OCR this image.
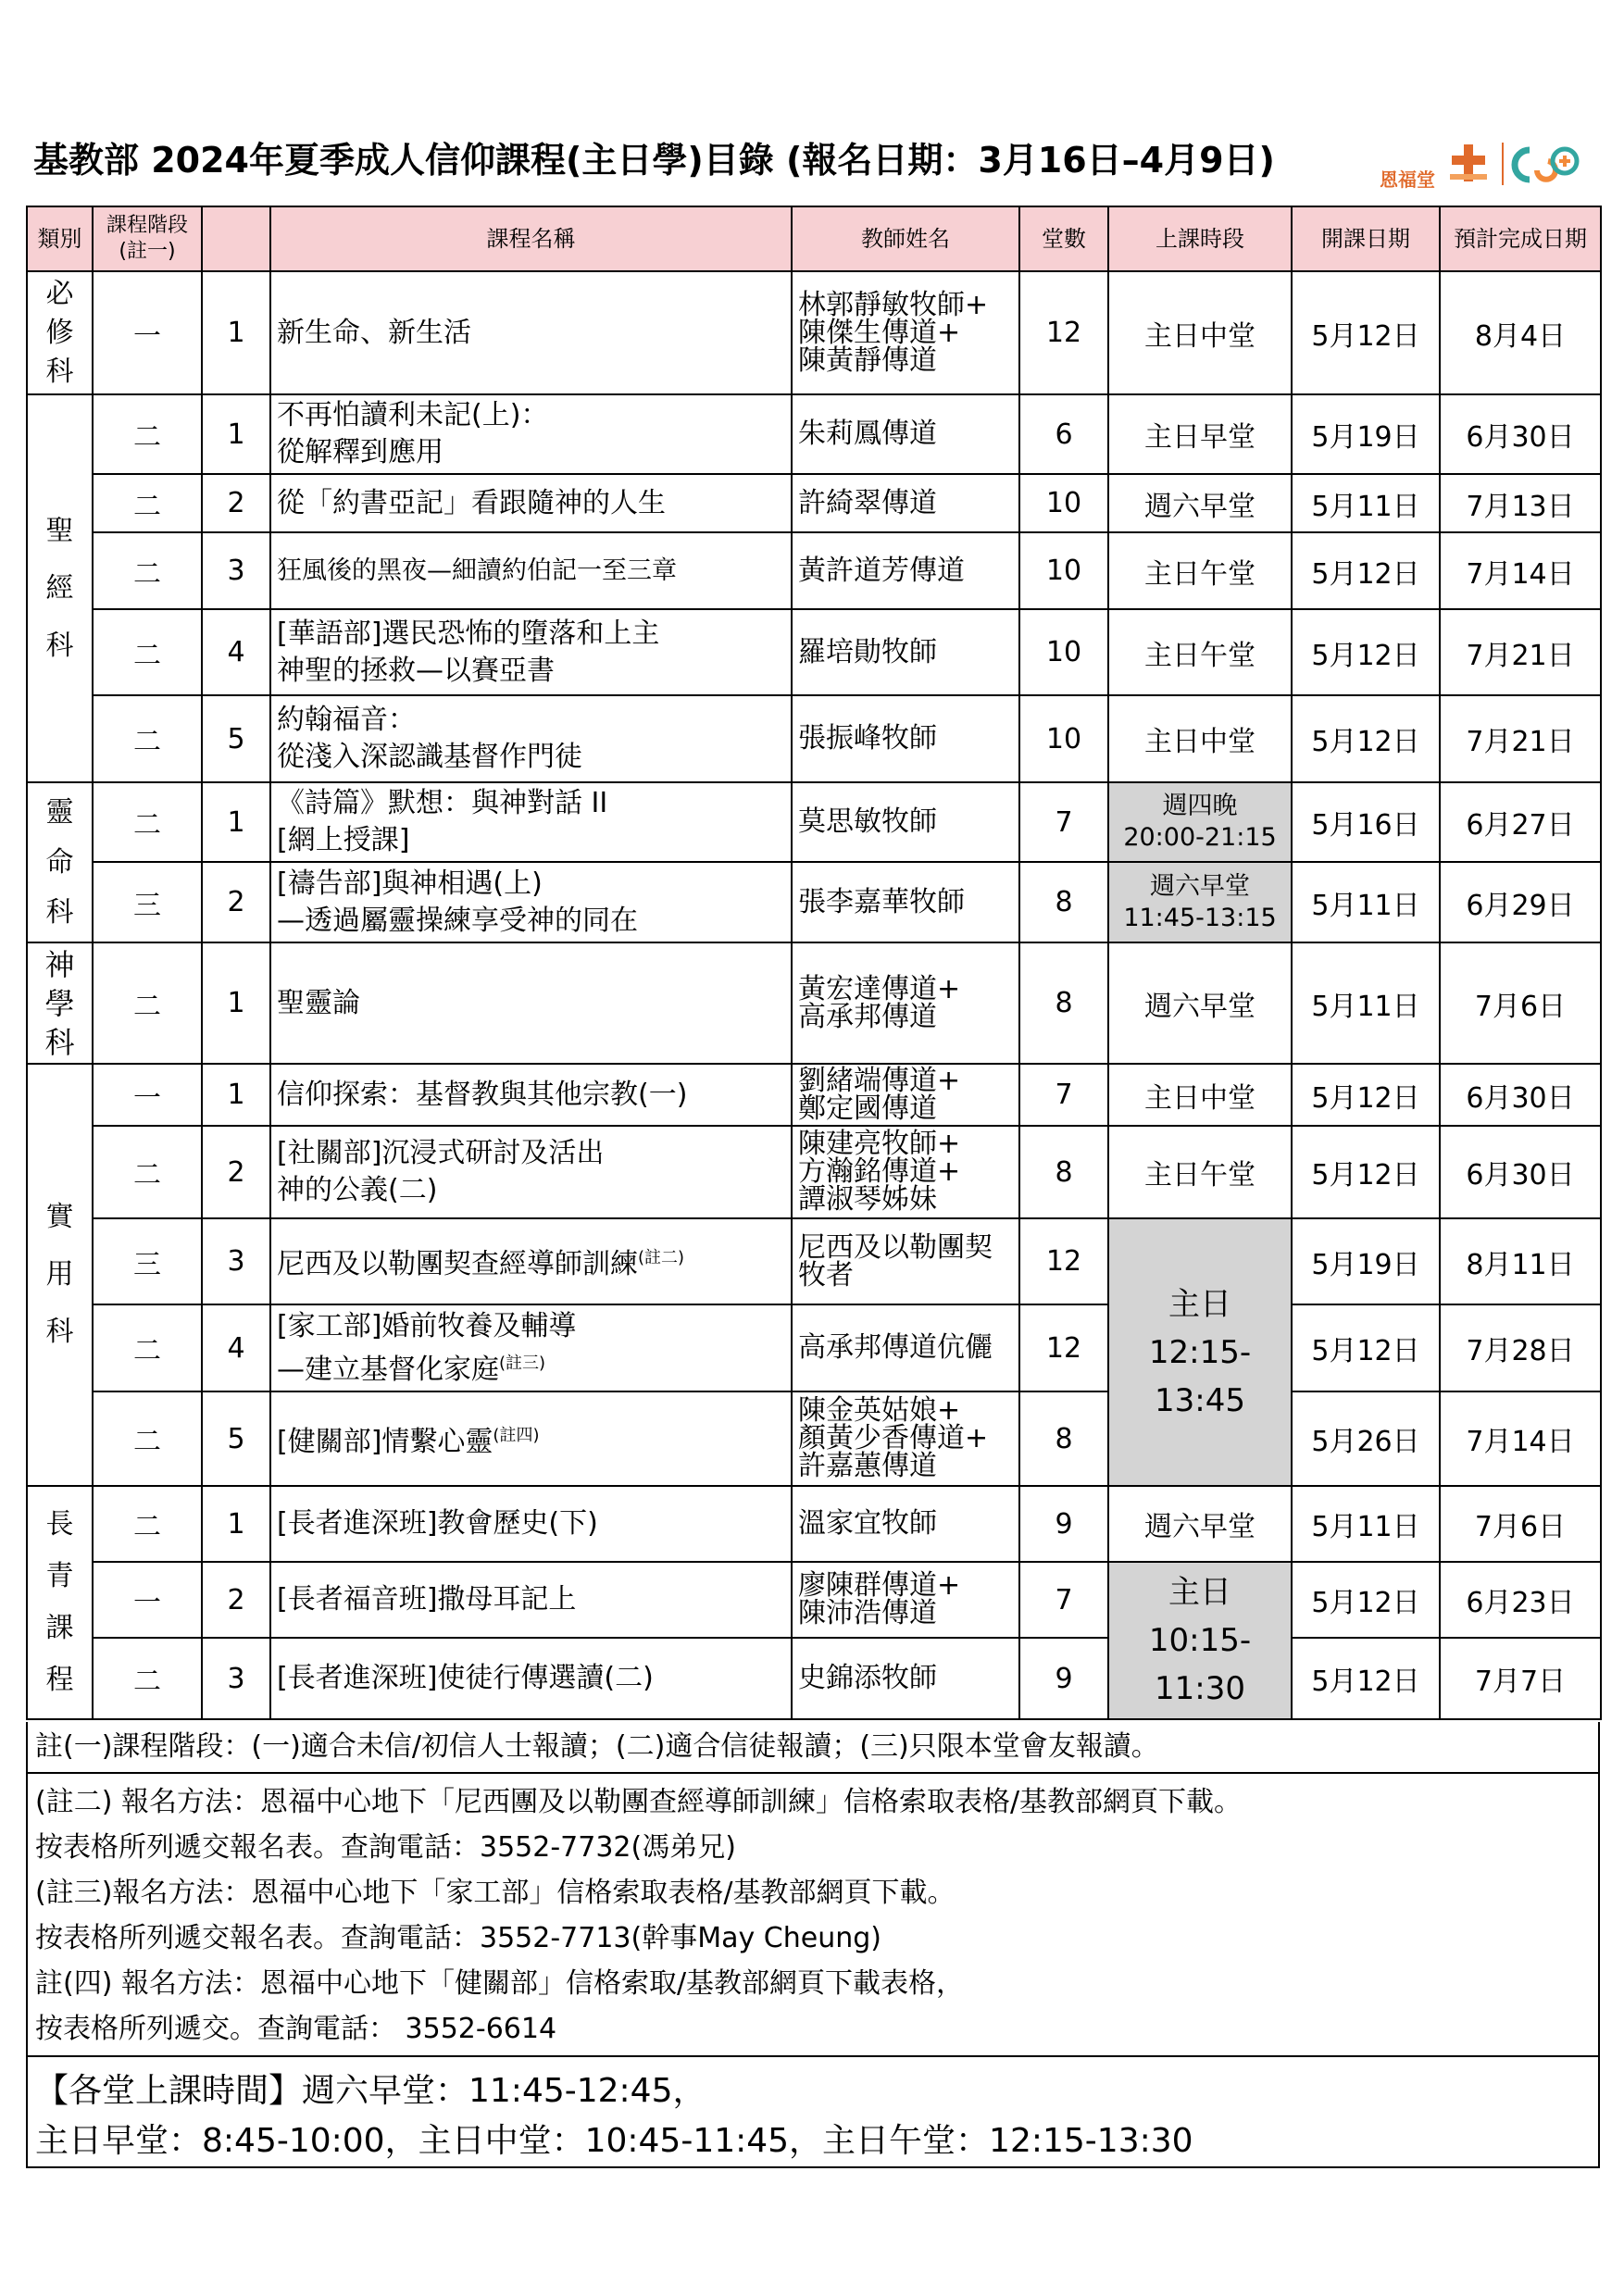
基教部 2024年夏季成人信仰課程(主日學)目錄 (報名日期：3月16日–4月9日)	恩福堂
類別	課程階段
(註一)		課程名稱	教師姓名	堂數	上課時段	開課日期	預計完成日期

必
修
科	一	1	新生命、新生活	林郭靜敏牧師+
陳傑生傳道+
陳黃靜傳道	12	主日中堂	5月12日	8月4日

聖
經
科	二	1	不再怕讀利未記(上)：
從解釋到應用	朱莉鳳傳道	6	主日早堂	5月19日	6月30日
	二	2	從「約書亞記」看跟隨神的人生	許綺翠傳道	10	週六早堂	5月11日	7月13日
	二	3	狂風後的黑夜—細讀約伯記一至三章	黃許道芳傳道	10	主日午堂	5月12日	7月14日
	二	4	[華語部]選民恐怖的墮落和上主
神聖的拯救—以賽亞書	羅培勛牧師	10	主日午堂	5月12日	7月21日
	二	5	約翰福音：
從淺入深認識基督作門徒	張振峰牧師	10	主日中堂	5月12日	7月21日

靈
命
科	二	1	《詩篇》默想：與神對話 II
[網上授課]	莫思敏牧師	7	週四晚
20:00-21:15	5月16日	6月27日
	三	2	[禱告部]與神相遇(上)
—透過屬靈操練享受神的同在	張李嘉華牧師	8	週六早堂
11:45-13:15	5月11日	6月29日

神
學
科	二	1	聖靈論	黃宏達傳道+
高承邦傳道	8	週六早堂	5月11日	7月6日

實
用
科	一	1	信仰探索：基督教與其他宗教(一)	劉緒端傳道+
鄭定國傳道	7	主日中堂	5月12日	6月30日
	二	2	[社關部]沉浸式研討及活出
神的公義(二)	陳建亮牧師+
方瀚銘傳道+
譚淑琴姊妹	8	主日午堂	5月12日	6月30日
	三	3	尼西及以勒團契查經導師訓練$^{(註二)}$	尼西及以勒團契
牧者	12	主日
12:15-
13:45	5月19日	8月11日
	二	4	[家工部]婚前牧養及輔導
—建立基督化家庭$^{(註三)}$	高承邦傳道伉儷	12		5月12日	7月28日
	二	5	[健關部]情繫心靈$^{(註四)}$	陳金英姑娘+
顏黃少香傳道+
許嘉蕙傳道	8		5月26日	7月14日

長
青
課
程	二	1	[長者進深班]教會歷史(下)	溫家宜牧師	9	週六早堂	5月11日	7月6日
	一	2	[長者福音班]撒母耳記上	廖陳群傳道+
陳沛浩傳道	7	主日
10:15-
11:30	5月12日	6月23日
	二	3	[長者進深班]使徒行傳選讀(二)	史錦添牧師	9		5月12日	7月7日
註(一)課程階段：(一)適合未信/初信人士報讀；(二)適合信徒報讀；(三)只限本堂會友報讀。
(註二) 報名方法：恩福中心地下「尼西團及以勒團查經導師訓練」信格索取表格/基教部網頁下載。
按表格所列遞交報名表。查詢電話：3552-7732(馮弟兄)
(註三)報名方法：恩福中心地下「家工部」信格索取表格/基教部網頁下載。
按表格所列遞交報名表。查詢電話：3552-7713(幹事May Cheung)
註(四) 報名方法：恩福中心地下「健關部」信格索取/基教部網頁下載表格，
按表格所列遞交。查詢電話： 3552-6614
【各堂上課時間】週六早堂：11:45-12:45，
主日早堂：8:45-10:00，主日中堂：10:45-11:45，主日午堂：12:15-13:30
